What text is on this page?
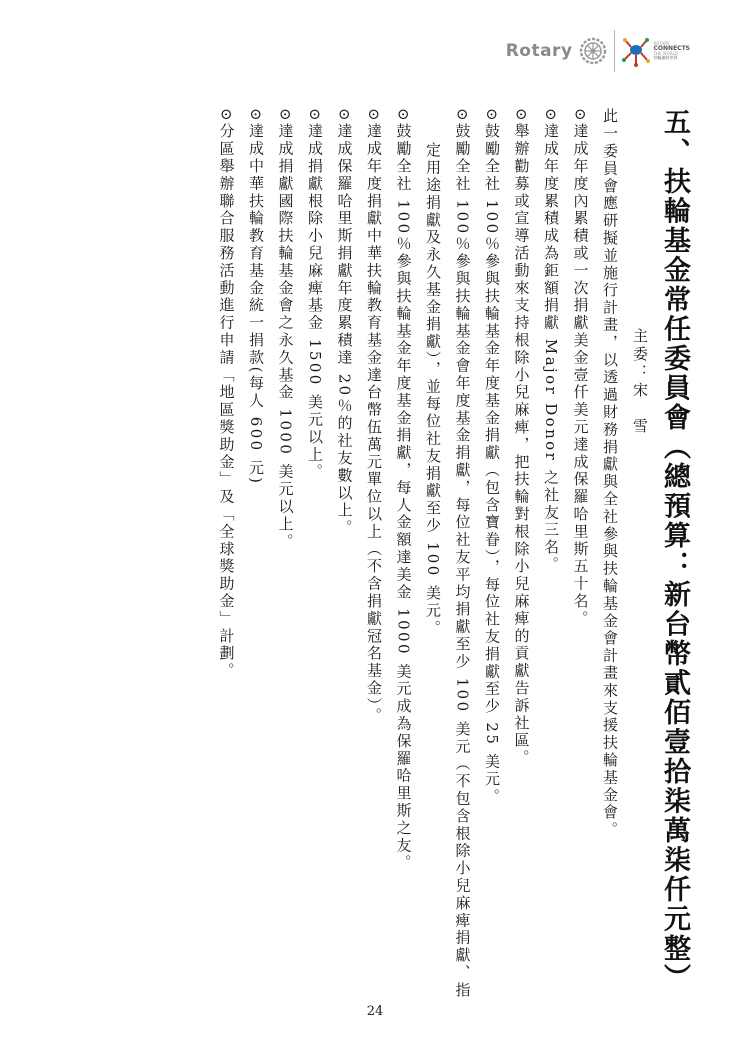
Rotary	ROTARY
CONNECTS
THE WORLD
扶輪連結世界
五、扶輪基金常任委員會（總預算：新台幣貳佰壹拾柒萬柒仟元整）
主委：宋　雪
此一委員會應研擬並施行計畫，以透過財務捐獻與全社參與扶輪基金會計畫來支援扶輪基金會。
⊙達成年度內累積或一次捐獻美金壹仟美元達成保羅哈里斯五十名。
⊙達成年度累積成為鉅額捐獻 Major Donor 之社友三名。
⊙舉辦勸募或宣導活動來支持根除小兒麻痺，把扶輪對根除小兒麻痺的貢獻告訴社區。
⊙鼓勵全社 100％參與扶輪基金年度基金捐獻（包含寶眷），每位社友捐獻至少 25 美元。
⊙鼓勵全社 100％參與扶輪基金會年度基金捐獻，每位社友平均捐獻至少 100 美元（不包含根除小兒麻痺捐獻、指
定用途捐獻及永久基金捐獻），並每位社友捐獻至少 100 美元。
⊙鼓勵全社 100％參與扶輪基金年度基金捐獻，每人金額達美金 1000 美元成為保羅哈里斯之友。
⊙達成年度捐獻中華扶輪教育基金達台幣伍萬元單位以上（不含捐獻冠名基金）。
⊙達成保羅哈里斯捐獻年度累積達 20％的社友數以上。
⊙達成捐獻根除小兒麻痺基金 1500 美元以上。
⊙達成捐獻國際扶輪基金會之永久基金 1000 美元以上。
⊙達成中華扶輪教育基金統一捐款(每人 600 元)
⊙分區舉辦聯合服務活動進行申請「地區獎助金」及「全球獎助金」計劃。
24
